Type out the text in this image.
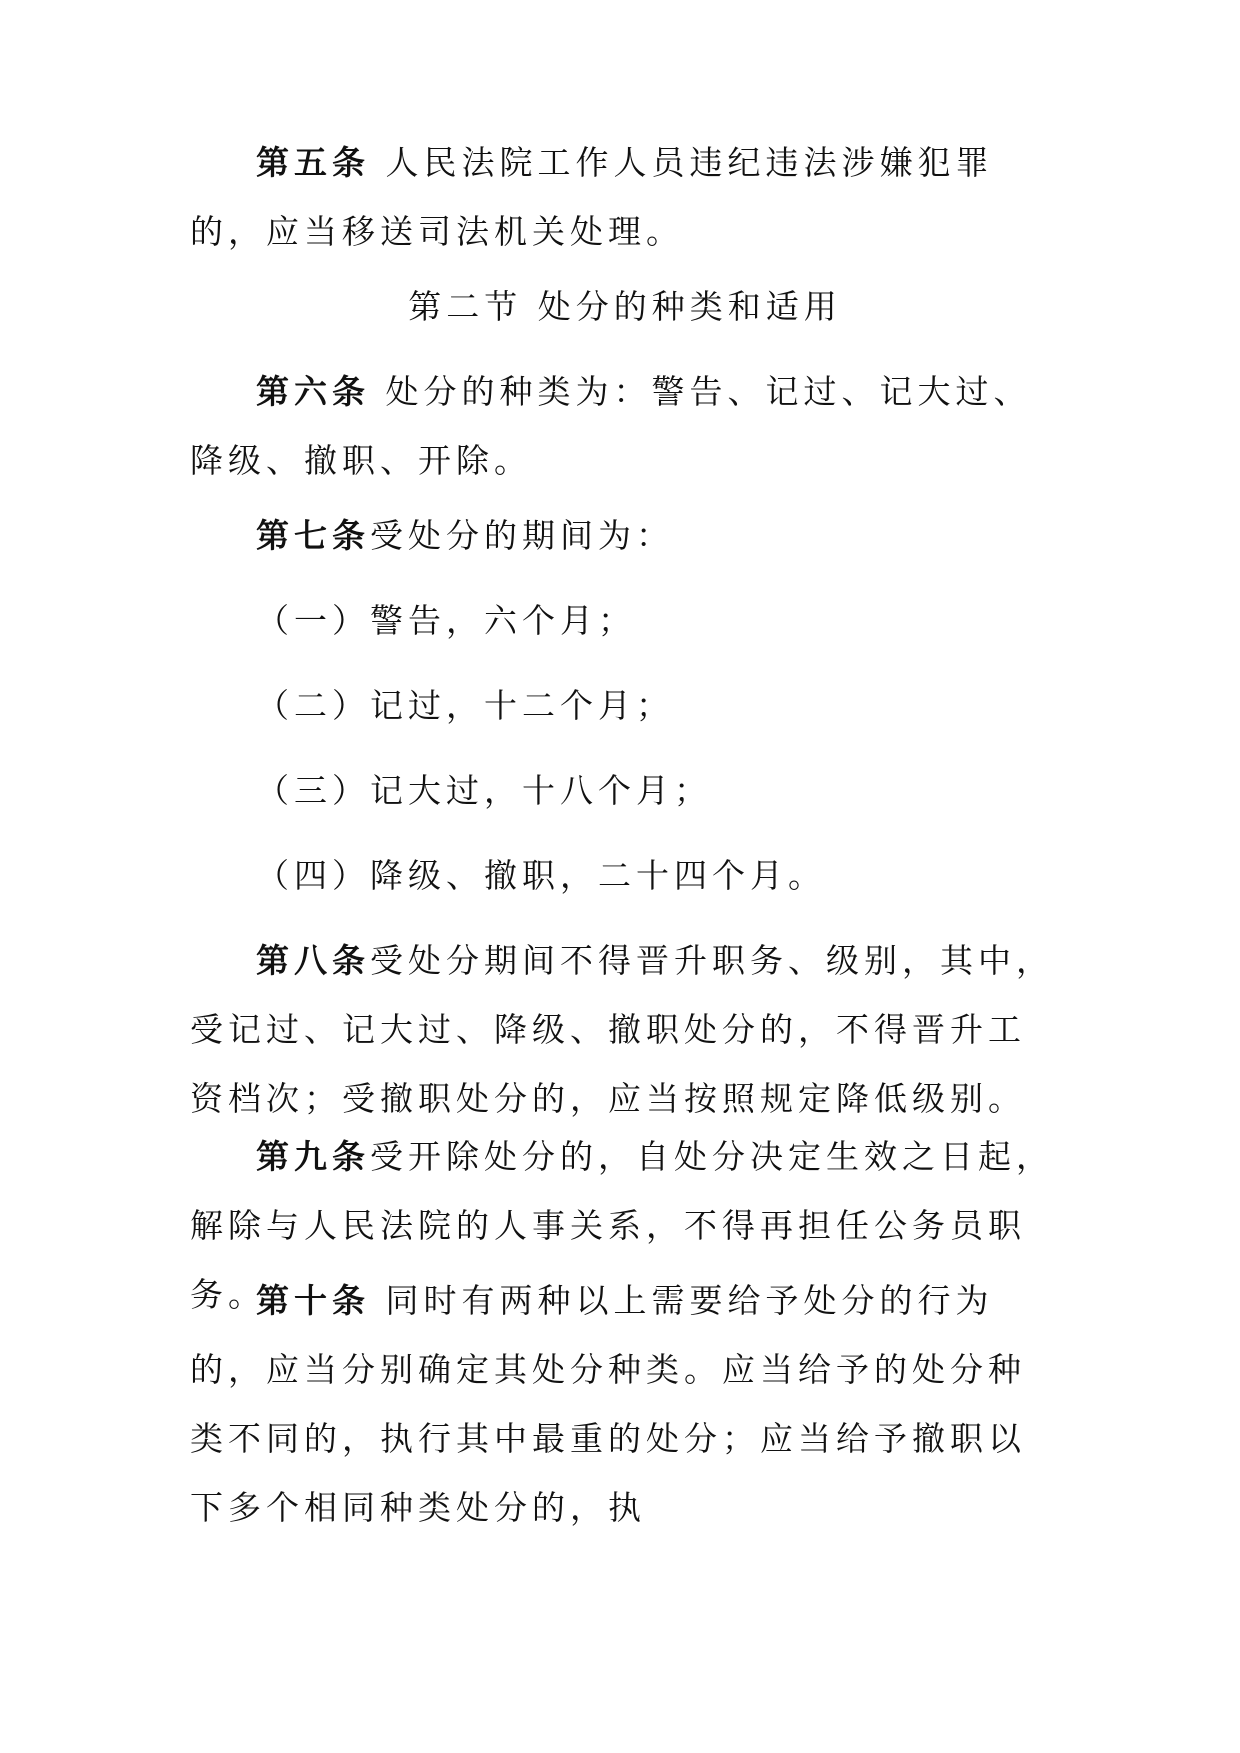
第五条 人民法院工作人员违纪违法涉嫌犯罪的，应当移送司法机关处理。

第二节 处分的种类和适用

第六条 处分的种类为：警告、记过、记大过、降级、撤职、开除。

第七条受处分的期间为：

（一）警告，六个月；

（二）记过，十二个月；

（三）记大过，十八个月；

（四）降级、撤职，二十四个月。

第八条受处分期间不得晋升职务、级别，其中，受记过、记大过、降级、撤职处分的，不得晋升工资档次；受撤职处分的，应当按照规定降低级别。

第九条受开除处分的，自处分决定生效之日起，解除与人民法院的人事关系，不得再担任公务员职务。

第十条 同时有两种以上需要给予处分的行为的，应当分别确定其处分种类。应当给予的处分种类不同的，执行其中最重的处分；应当给予撤职以下多个相同种类处分的，执
